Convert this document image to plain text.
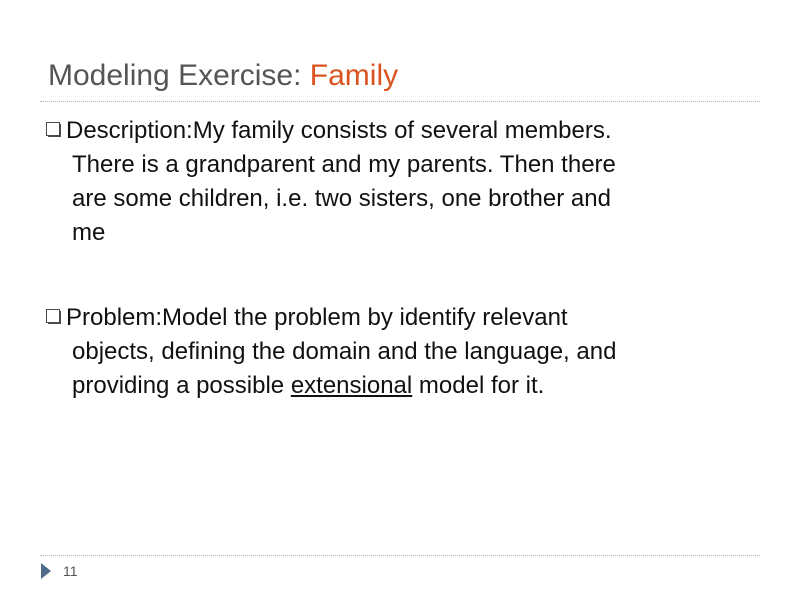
Modeling Exercise: Family
Description: My family consists of several members.
There is a grandparent and my parents. Then there
are some children, i.e. two sisters, one brother and
me
Problem: Model the problem by identify relevant
objects, defining the domain and the language, and
providing a possible extensional model for it.
11
